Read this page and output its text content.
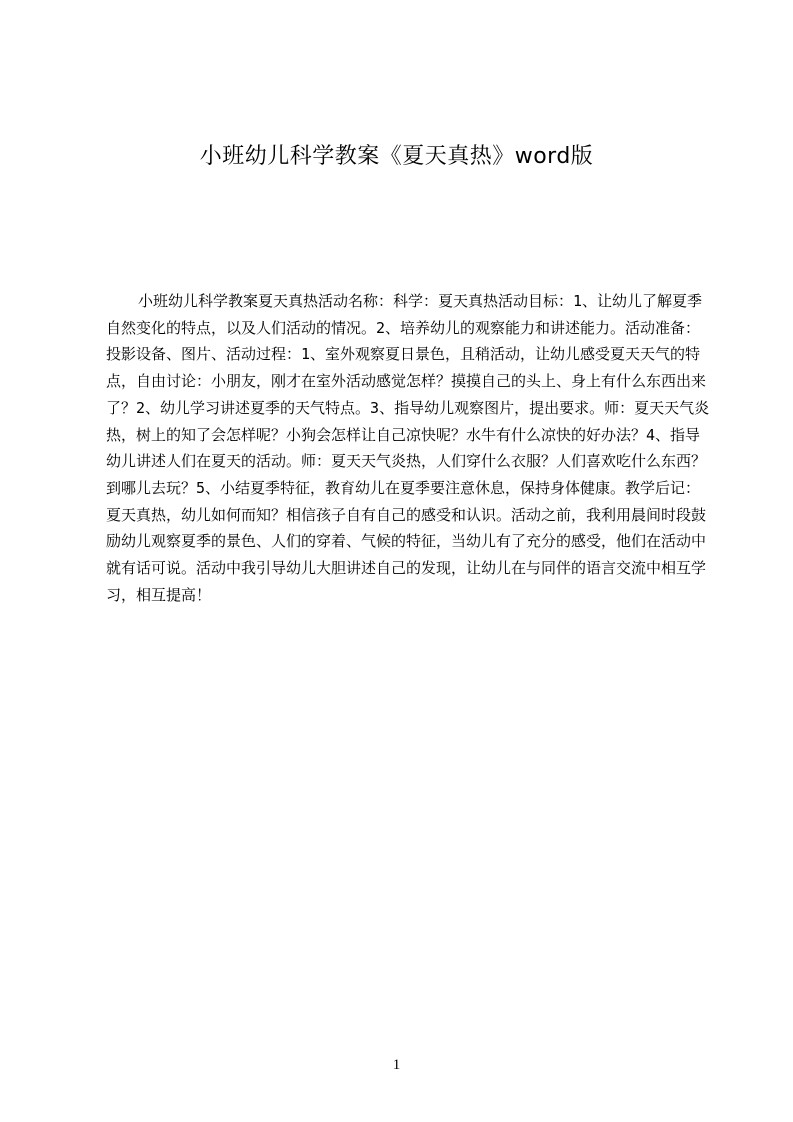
小班幼儿科学教案《夏天真热》word版

小班幼儿科学教案夏天真热活动名称：科学：夏天真热活动目标：1、让幼儿了解夏季自然变化的特点，以及人们活动的情况。2、培养幼儿的观察能力和讲述能力。活动准备：投影设备、图片、活动过程：1、室外观察夏日景色，且稍活动，让幼儿感受夏天天气的特点，自由讨论：小朋友，刚才在室外活动感觉怎样？摸摸自己的头上、身上有什么东西出来了？2、幼儿学习讲述夏季的天气特点。3、指导幼儿观察图片，提出要求。师：夏天天气炎热，树上的知了会怎样呢？小狗会怎样让自己凉快呢？水牛有什么凉快的好办法？4、指导幼儿讲述人们在夏天的活动。师：夏天天气炎热，人们穿什么衣服？人们喜欢吃什么东西？到哪儿去玩？5、小结夏季特征，教育幼儿在夏季要注意休息，保持身体健康。教学后记：夏天真热，幼儿如何而知？相信孩子自有自己的感受和认识。活动之前，我利用晨间时段鼓励幼儿观察夏季的景色、人们的穿着、气候的特征，当幼儿有了充分的感受，他们在活动中就有话可说。活动中我引导幼儿大胆讲述自己的发现，让幼儿在与同伴的语言交流中相互学习，相互提高！

1
